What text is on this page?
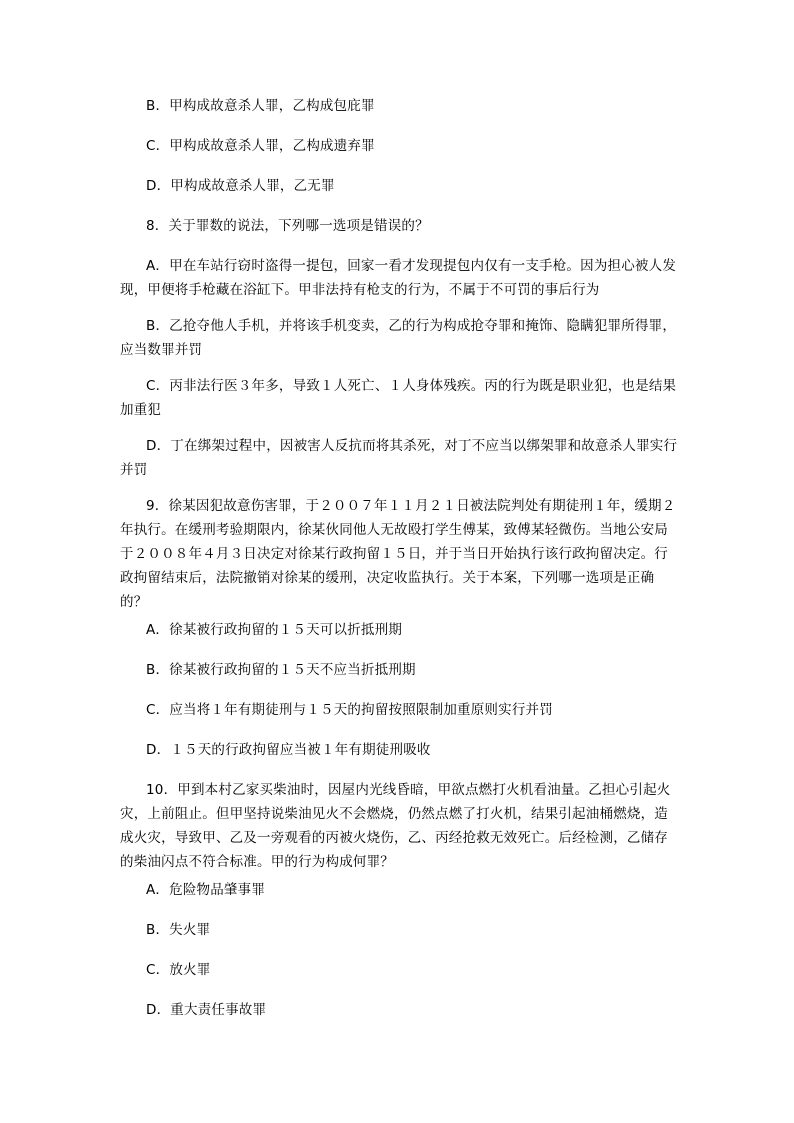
B．甲构成故意杀人罪，乙构成包庇罪

C．甲构成故意杀人罪，乙构成遗弃罪

D．甲构成故意杀人罪，乙无罪

8．关于罪数的说法，下列哪一选项是错误的？

A．甲在车站行窃时盗得一提包，回家一看才发现提包内仅有一支手枪。因为担心被人发现，甲便将手枪藏在浴缸下。甲非法持有枪支的行为，不属于不可罚的事后行为

B．乙抢夺他人手机，并将该手机变卖，乙的行为构成抢夺罪和掩饰、隐瞒犯罪所得罪，应当数罪并罚

C．丙非法行医３年多，导致１人死亡、１人身体残疾。丙的行为既是职业犯，也是结果加重犯

D．丁在绑架过程中，因被害人反抗而将其杀死，对丁不应当以绑架罪和故意杀人罪实行并罚

9．徐某因犯故意伤害罪，于２００７年１１月２１日被法院判处有期徒刑１年，缓期２年执行。在缓刑考验期限内，徐某伙同他人无故殴打学生傅某，致傅某轻微伤。当地公安局于２００８年４月３日决定对徐某行政拘留１５日，并于当日开始执行该行政拘留决定。行政拘留结束后，法院撤销对徐某的缓刑，决定收监执行。关于本案，下列哪一选项是正确的？

A．徐某被行政拘留的１５天可以折抵刑期

B．徐某被行政拘留的１５天不应当折抵刑期

C．应当将１年有期徒刑与１５天的拘留按照限制加重原则实行并罚

D．１５天的行政拘留应当被１年有期徒刑吸收

10．甲到本村乙家买柴油时，因屋内光线昏暗，甲欲点燃打火机看油量。乙担心引起火灾，上前阻止。但甲坚持说柴油见火不会燃烧，仍然点燃了打火机，结果引起油桶燃烧，造成火灾，导致甲、乙及一旁观看的丙被火烧伤，乙、丙经抢救无效死亡。后经检测，乙储存的柴油闪点不符合标准。甲的行为构成何罪？

A．危险物品肇事罪

B．失火罪

C．放火罪

D．重大责任事故罪
